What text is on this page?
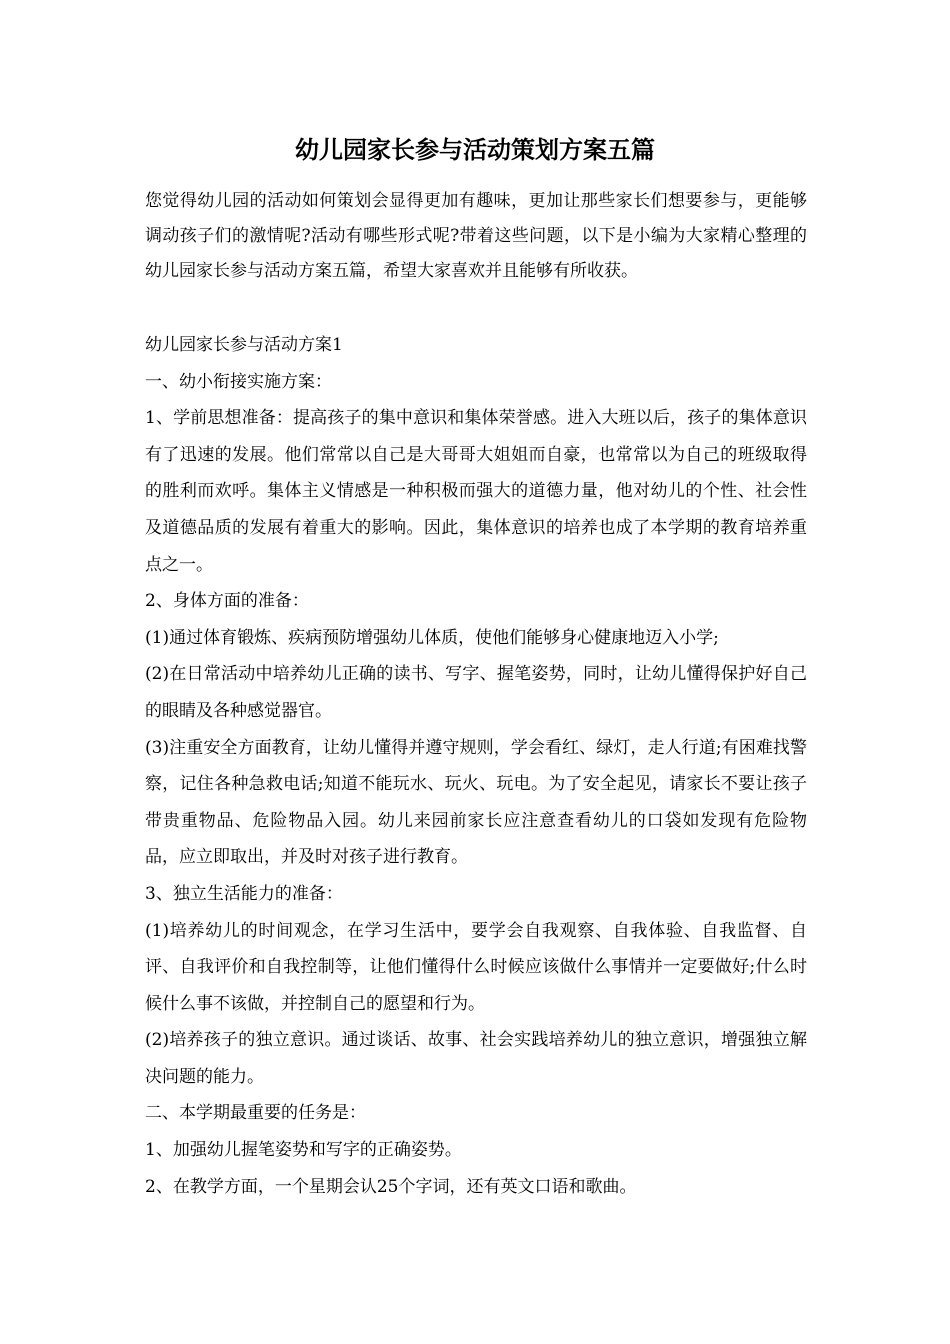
幼儿园家长参与活动策划方案五篇
您觉得幼儿园的活动如何策划会显得更加有趣味，更加让那些家长们想要参与，更能够调动孩子们的激情呢?活动有哪些形式呢?带着这些问题，以下是小编为大家精心整理的幼儿园家长参与活动方案五篇，希望大家喜欢并且能够有所收获。

幼儿园家长参与活动方案1

一、幼小衔接实施方案：

1、学前思想准备：提高孩子的集中意识和集体荣誉感。进入大班以后，孩子的集体意识有了迅速的发展。他们常常以自己是大哥哥大姐姐而自豪，也常常以为自己的班级取得的胜利而欢呼。集体主义情感是一种积极而强大的道德力量，他对幼儿的个性、社会性及道德品质的发展有着重大的影响。因此，集体意识的培养也成了本学期的教育培养重点之一。

2、身体方面的准备：

(1)通过体育锻炼、疾病预防增强幼儿体质，使他们能够身心健康地迈入小学;

(2)在日常活动中培养幼儿正确的读书、写字、握笔姿势，同时，让幼儿懂得保护好自己的眼睛及各种感觉器官。

(3)注重安全方面教育，让幼儿懂得并遵守规则，学会看红、绿灯，走人行道;有困难找警察，记住各种急救电话;知道不能玩水、玩火、玩电。为了安全起见，请家长不要让孩子带贵重物品、危险物品入园。幼儿来园前家长应注意查看幼儿的口袋如发现有危险物品，应立即取出，并及时对孩子进行教育。

3、独立生活能力的准备：

(1)培养幼儿的时间观念，在学习生活中，要学会自我观察、自我体验、自我监督、自评、自我评价和自我控制等，让他们懂得什么时候应该做什么事情并一定要做好;什么时候什么事不该做，并控制自己的愿望和行为。

(2)培养孩子的独立意识。通过谈话、故事、社会实践培养幼儿的独立意识，增强独立解决问题的能力。

二、本学期最重要的任务是：

1、加强幼儿握笔姿势和写字的正确姿势。

2、在教学方面，一个星期会认25个字词，还有英文口语和歌曲。
